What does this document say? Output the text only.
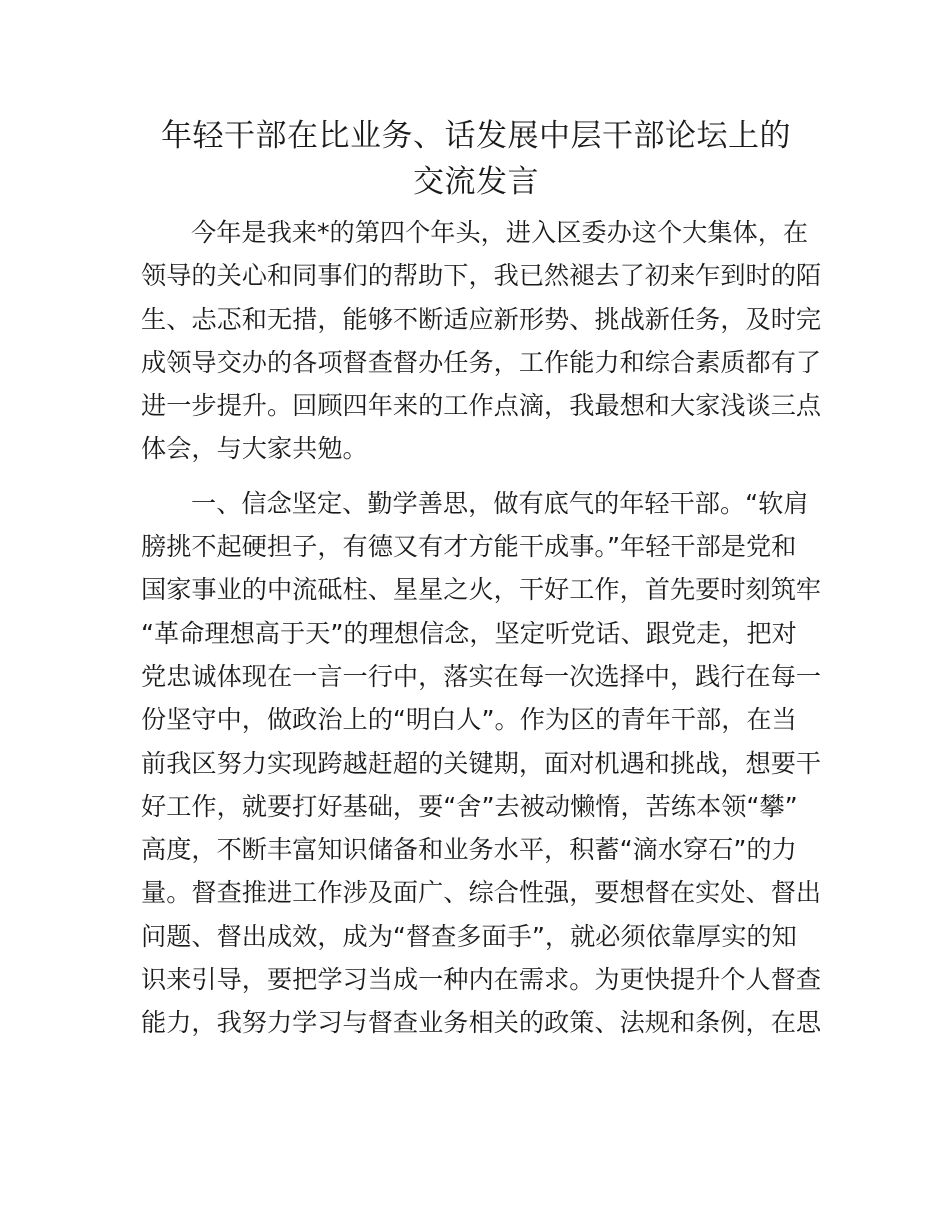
年轻干部在比业务、话发展中层干部论坛上的
交流发言
今年是我来*的第四个年头，进入区委办这个大集体，在
领导的关心和同事们的帮助下，我已然褪去了初来乍到时的陌
生、忐忑和无措，能够不断适应新形势、挑战新任务，及时完
成领导交办的各项督查督办任务，工作能力和综合素质都有了
进一步提升。回顾四年来的工作点滴，我最想和大家浅谈三点
体会，与大家共勉。
一、信念坚定、勤学善思，做有底气的年轻干部。“软肩
膀挑不起硬担子，有德又有才方能干成事。”年轻干部是党和
国家事业的中流砥柱、星星之火，干好工作，首先要时刻筑牢
“革命理想高于天”的理想信念，坚定听党话、跟党走，把对
党忠诚体现在一言一行中，落实在每一次选择中，践行在每一
份坚守中，做政治上的“明白人”。作为区的青年干部，在当
前我区努力实现跨越赶超的关键期，面对机遇和挑战，想要干
好工作，就要打好基础，要“舍”去被动懒惰，苦练本领“攀”
高度，不断丰富知识储备和业务水平，积蓄“滴水穿石”的力
量。督查推进工作涉及面广、综合性强，要想督在实处、督出
问题、督出成效，成为“督查多面手”，就必须依靠厚实的知
识来引导，要把学习当成一种内在需求。为更快提升个人督查
能力，我努力学习与督查业务相关的政策、法规和条例，在思
